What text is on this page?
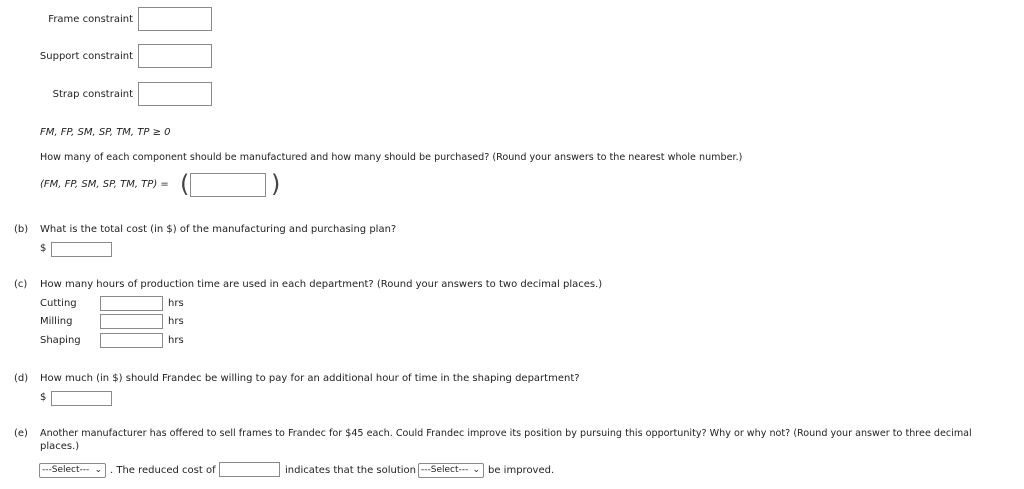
Frame constraint
Support constraint
Strap constraint
FM, FP, SM, SP, TM, TP ≥ 0
How many of each component should be manufactured and how many should be purchased? (Round your answers to the nearest whole number.)
(FM, FP, SM, SP, TM, TP) = (	)
(b) What is the total cost (in $) of the manufacturing and purchasing plan?
$
(c) How many hours of production time are used in each department? (Round your answers to two decimal places.)
Cutting	hrs
Milling	hrs
Shaping	hrs
(d) How much (in $) should Frandec be willing to pay for an additional hour of time in the shaping department?
$
(e) Another manufacturer has offered to sell frames to Frandec for $45 each. Could Frandec improve its position by pursuing this opportunity? Why or why not? (Round your answer to three decimal
places.)
---Select--- ⌄ . The reduced cost of	indicates that the solution ---Select--- ⌄ be improved.
